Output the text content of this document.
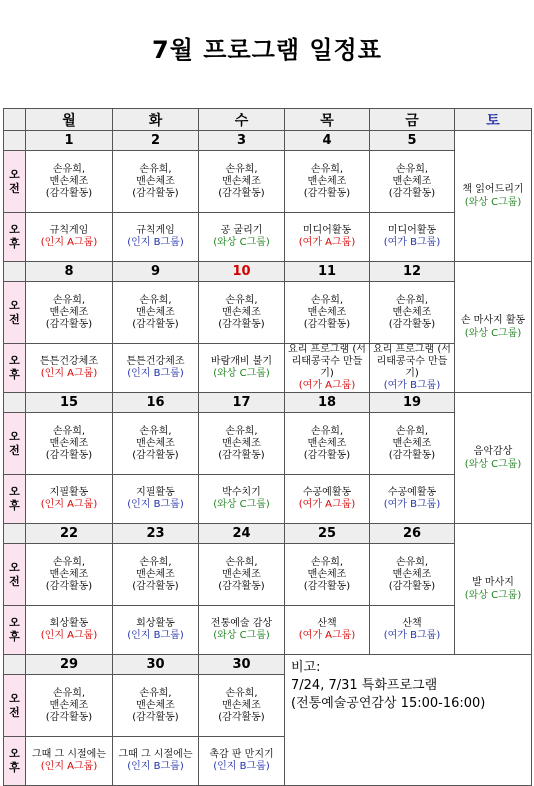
7월 프로그램 일정표
	월	화	수	목	금	토
	1	2	3	4	5	책 읽어드리기
(와상 C그룹)

오
전	손유희,
맨손체조
(감각활동)	손유희,
맨손체조
(감각활동)	손유희,
맨손체조
(감각활동)	손유희,
맨손체조
(감각활동)	손유희,
맨손체조
(감각활동)	

오
후	규칙게임
(인지 A그룹)	규칙게임
(인지 B그룹)	공 굴리기
(와상 C그룹)	미디어활동
(여가 A그룹)	미디어활동
(여가 B그룹)	

	8	9	10	11	12	손 마사지 활동
(와상 C그룹)

오
전	손유희,
맨손체조
(감각활동)	손유희,
맨손체조
(감각활동)	손유희,
맨손체조
(감각활동)	손유희,
맨손체조
(감각활동)	손유희,
맨손체조
(감각활동)	

오
후	튼튼건강체조
(인지 A그룹)	튼튼건강체조
(인지 B그룹)	바람개비 불기
(와상 C그룹)	요리 프로그램 (서리태콩국수 만들기)
(여가 A그룹)	요리 프로그램 (서리태콩국수 만들기)
(여가 B그룹)	

	15	16	17	18	19	음악감상
(와상 C그룹)

오
전	손유희,
맨손체조
(감각활동)	손유희,
맨손체조
(감각활동)	손유희,
맨손체조
(감각활동)	손유희,
맨손체조
(감각활동)	손유희,
맨손체조
(감각활동)	

오
후	지필활동
(인지 A그룹)	지필활동
(인지 B그룹)	박수치기
(와상 C그룹)	수공예활동
(여가 A그룹)	수공예활동
(여가 B그룹)	

	22	23	24	25	26	발 마사지
(와상 C그룹)

오
전	손유희,
맨손체조
(감각활동)	손유희,
맨손체조
(감각활동)	손유희,
맨손체조
(감각활동)	손유희,
맨손체조
(감각활동)	손유희,
맨손체조
(감각활동)	

오
후	회상활동
(인지 A그룹)	회상활동
(인지 B그룹)	전통예술 감상
(와상 C그룹)	산책
(여가 A그룹)	산책
(여가 B그룹)	

	29	30	30	비고:
7/24, 7/31 특화프로그램
(전통예술공연감상 15:00-16:00)		

오
전	손유희,
맨손체조
(감각활동)	손유희,
맨손체조
(감각활동)	손유희,
맨손체조
(감각활동)			

오
후	그때 그 시절에는
(인지 A그룹)	그때 그 시절에는
(인지 B그룹)	촉감 판 만지기
(인지 B그룹)			
